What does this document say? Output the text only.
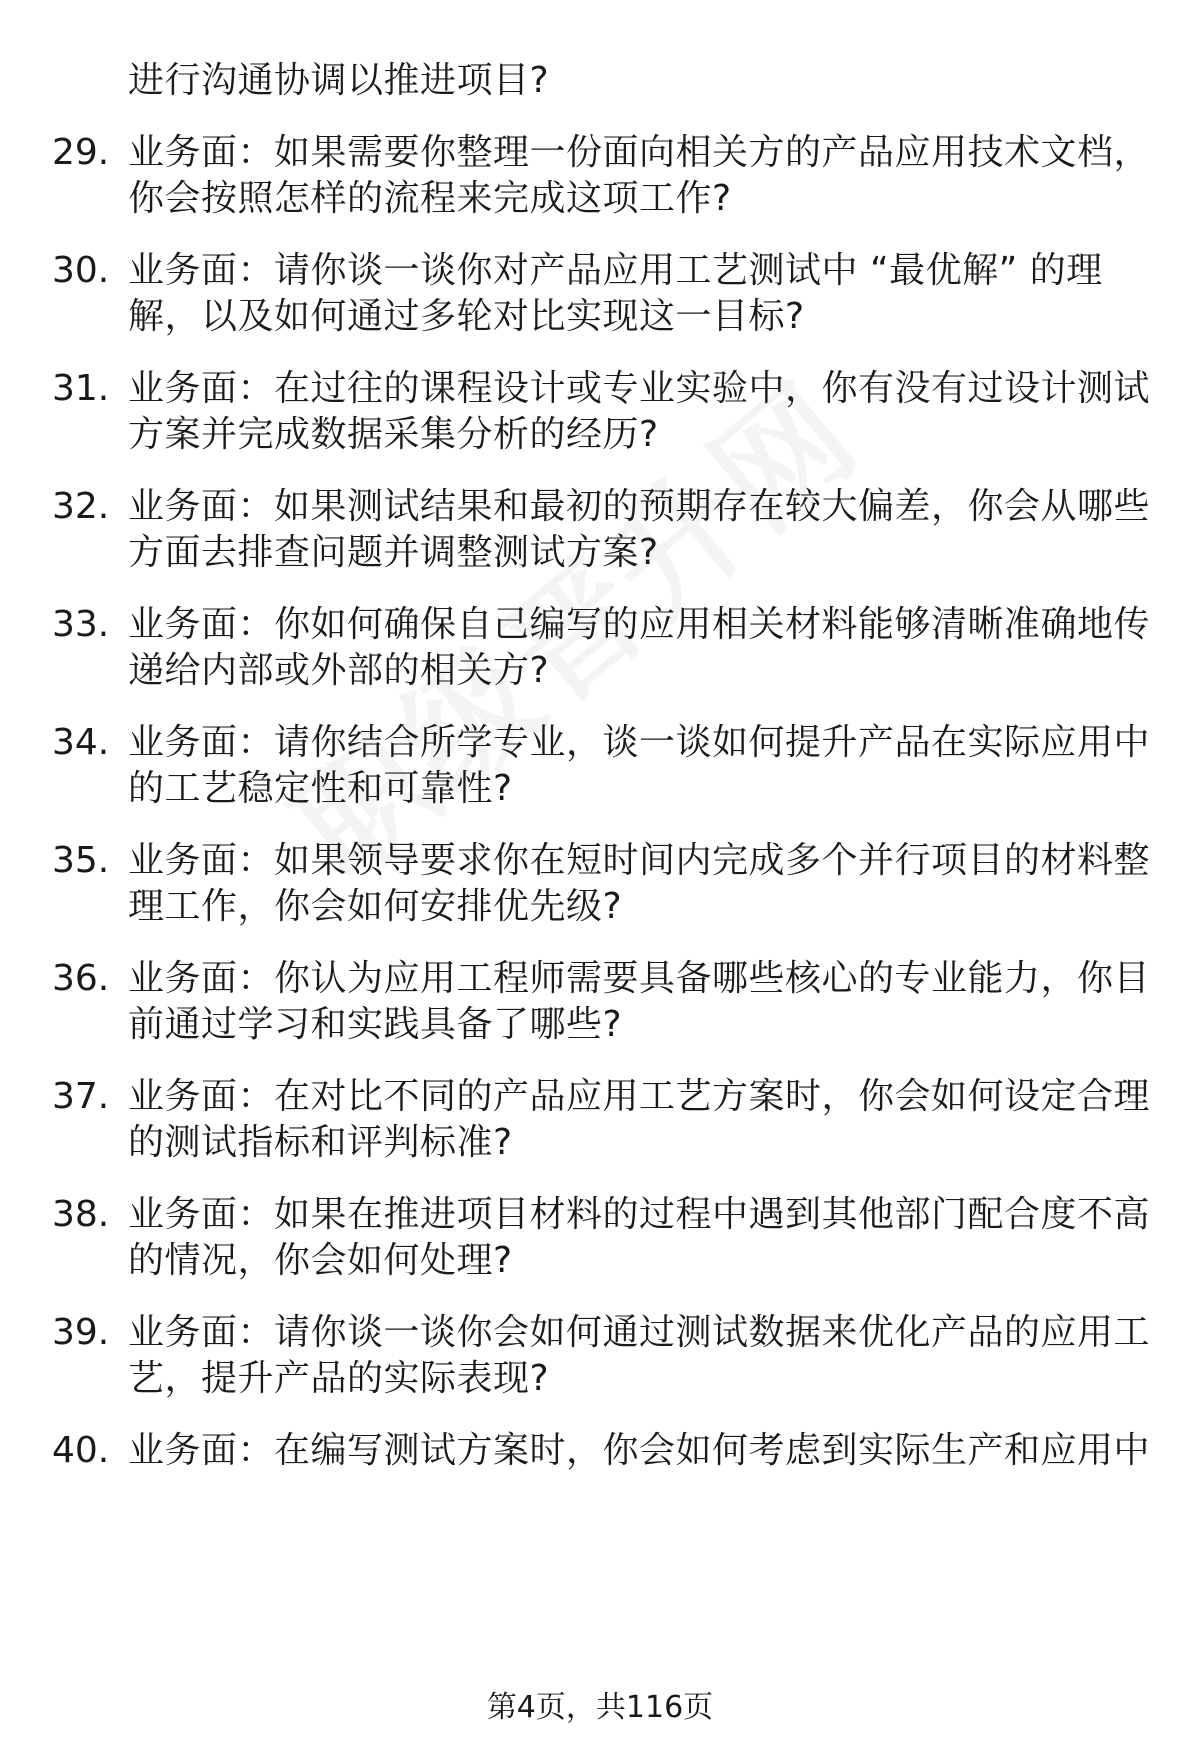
进行沟通协调以推进项目?
29. 业务面：如果需要你整理一份面向相关方的产品应用技术文档，
你会按照怎样的流程来完成这项工作?
30. 业务面：请你谈一谈你对产品应用工艺测试中 “最优解” 的理
解，以及如何通过多轮对比实现这一目标?
31. 业务面：在过往的课程设计或专业实验中，你有没有过设计测试
方案并完成数据采集分析的经历?
32. 业务面：如果测试结果和最初的预期存在较大偏差，你会从哪些
方面去排查问题并调整测试方案?
33. 业务面：你如何确保自己编写的应用相关材料能够清晰准确地传
递给内部或外部的相关方?
34. 业务面：请你结合所学专业，谈一谈如何提升产品在实际应用中
的工艺稳定性和可靠性?
35. 业务面：如果领导要求你在短时间内完成多个并行项目的材料整
理工作，你会如何安排优先级?
36. 业务面：你认为应用工程师需要具备哪些核心的专业能力，你目
前通过学习和实践具备了哪些?
37. 业务面：在对比不同的产品应用工艺方案时，你会如何设定合理
的测试指标和评判标准?
38. 业务面：如果在推进项目材料的过程中遇到其他部门配合度不高
的情况，你会如何处理?
39. 业务面：请你谈一谈你会如何通过测试数据来优化产品的应用工
艺，提升产品的实际表现?
40. 业务面：在编写测试方案时，你会如何考虑到实际生产和应用中
第4页，共116页
